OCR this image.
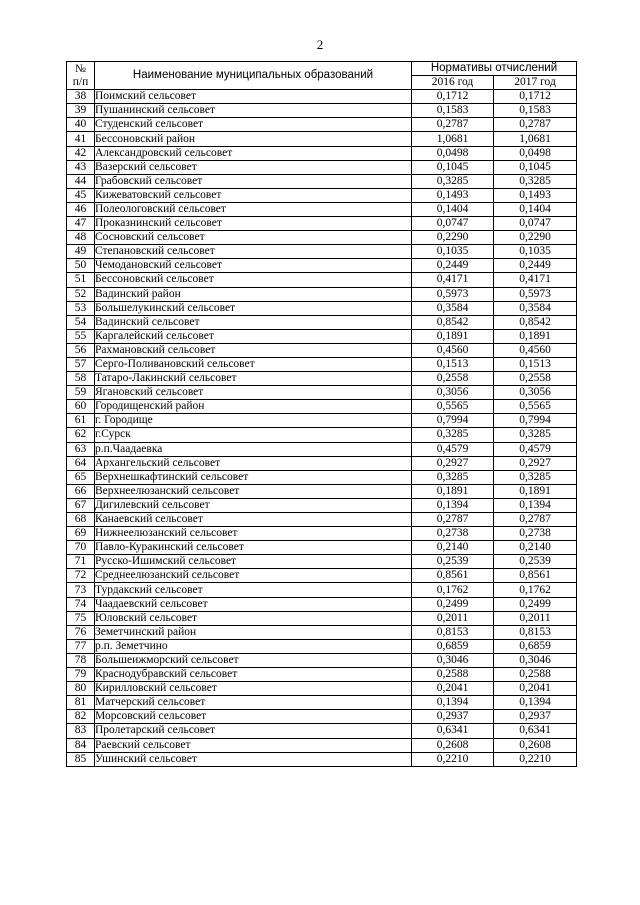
2
№
п/п	Наименование муниципальных образований	Нормативы отчислений	
		2016 год	2017 год
38	Поимский сельсовет	0,1712	0,1712
39	Пушанинский сельсовет	0,1583	0,1583
40	Студенский сельсовет	0,2787	0,2787
41	Бессоновский район	1,0681	1,0681
42	Александровский сельсовет	0,0498	0,0498
43	Вазерский сельсовет	0,1045	0,1045
44	Грабовский сельсовет	0,3285	0,3285
45	Кижеватовский сельсовет	0,1493	0,1493
46	Полеологовский сельсовет	0,1404	0,1404
47	Проказнинский сельсовет	0,0747	0,0747
48	Сосновский сельсовет	0,2290	0,2290
49	Степановский сельсовет	0,1035	0,1035
50	Чемодановский сельсовет	0,2449	0,2449
51	Бессоновский сельсовет	0,4171	0,4171
52	Вадинский район	0,5973	0,5973
53	Большелукинский сельсовет	0,3584	0,3584
54	Вадинский сельсовет	0,8542	0,8542
55	Каргалейский сельсовет	0,1891	0,1891
56	Рахмановский сельсовет	0,4560	0,4560
57	Серго-Поливановский сельсовет	0,1513	0,1513
58	Татаро-Лакинский сельсовет	0,2558	0,2558
59	Ягановский сельсовет	0,3056	0,3056
60	Городищенский район	0,5565	0,5565
61	г. Городище	0,7994	0,7994
62	г.Сурск	0,3285	0,3285
63	р.п.Чаадаевка	0,4579	0,4579
64	Архангельский сельсовет	0,2927	0,2927
65	Верхнешкафтинский сельсовет	0,3285	0,3285
66	Верхнеелюзанский сельсовет	0,1891	0,1891
67	Дигилевский сельсовет	0,1394	0,1394
68	Канаевский сельсовет	0,2787	0,2787
69	Нижнеелюзанский сельсовет	0,2738	0,2738
70	Павло-Куракинский сельсовет	0,2140	0,2140
71	Русско-Ишимский сельсовет	0,2539	0,2539
72	Среднеелюзанский сельсовет	0,8561	0,8561
73	Турдакский сельсовет	0,1762	0,1762
74	Чаадаевский сельсовет	0,2499	0,2499
75	Юловский сельсовет	0,2011	0,2011
76	Земетчинский район	0,8153	0,8153
77	р.п. Земетчино	0,6859	0,6859
78	Большеижморский сельсовет	0,3046	0,3046
79	Краснодубравский сельсовет	0,2588	0,2588
80	Кирилловский сельсовет	0,2041	0,2041
81	Матчерский сельсовет	0,1394	0,1394
82	Морсовский сельсовет	0,2937	0,2937
83	Пролетарский сельсовет	0,6341	0,6341
84	Раевский сельсовет	0,2608	0,2608
85	Ушинский сельсовет	0,2210	0,2210
